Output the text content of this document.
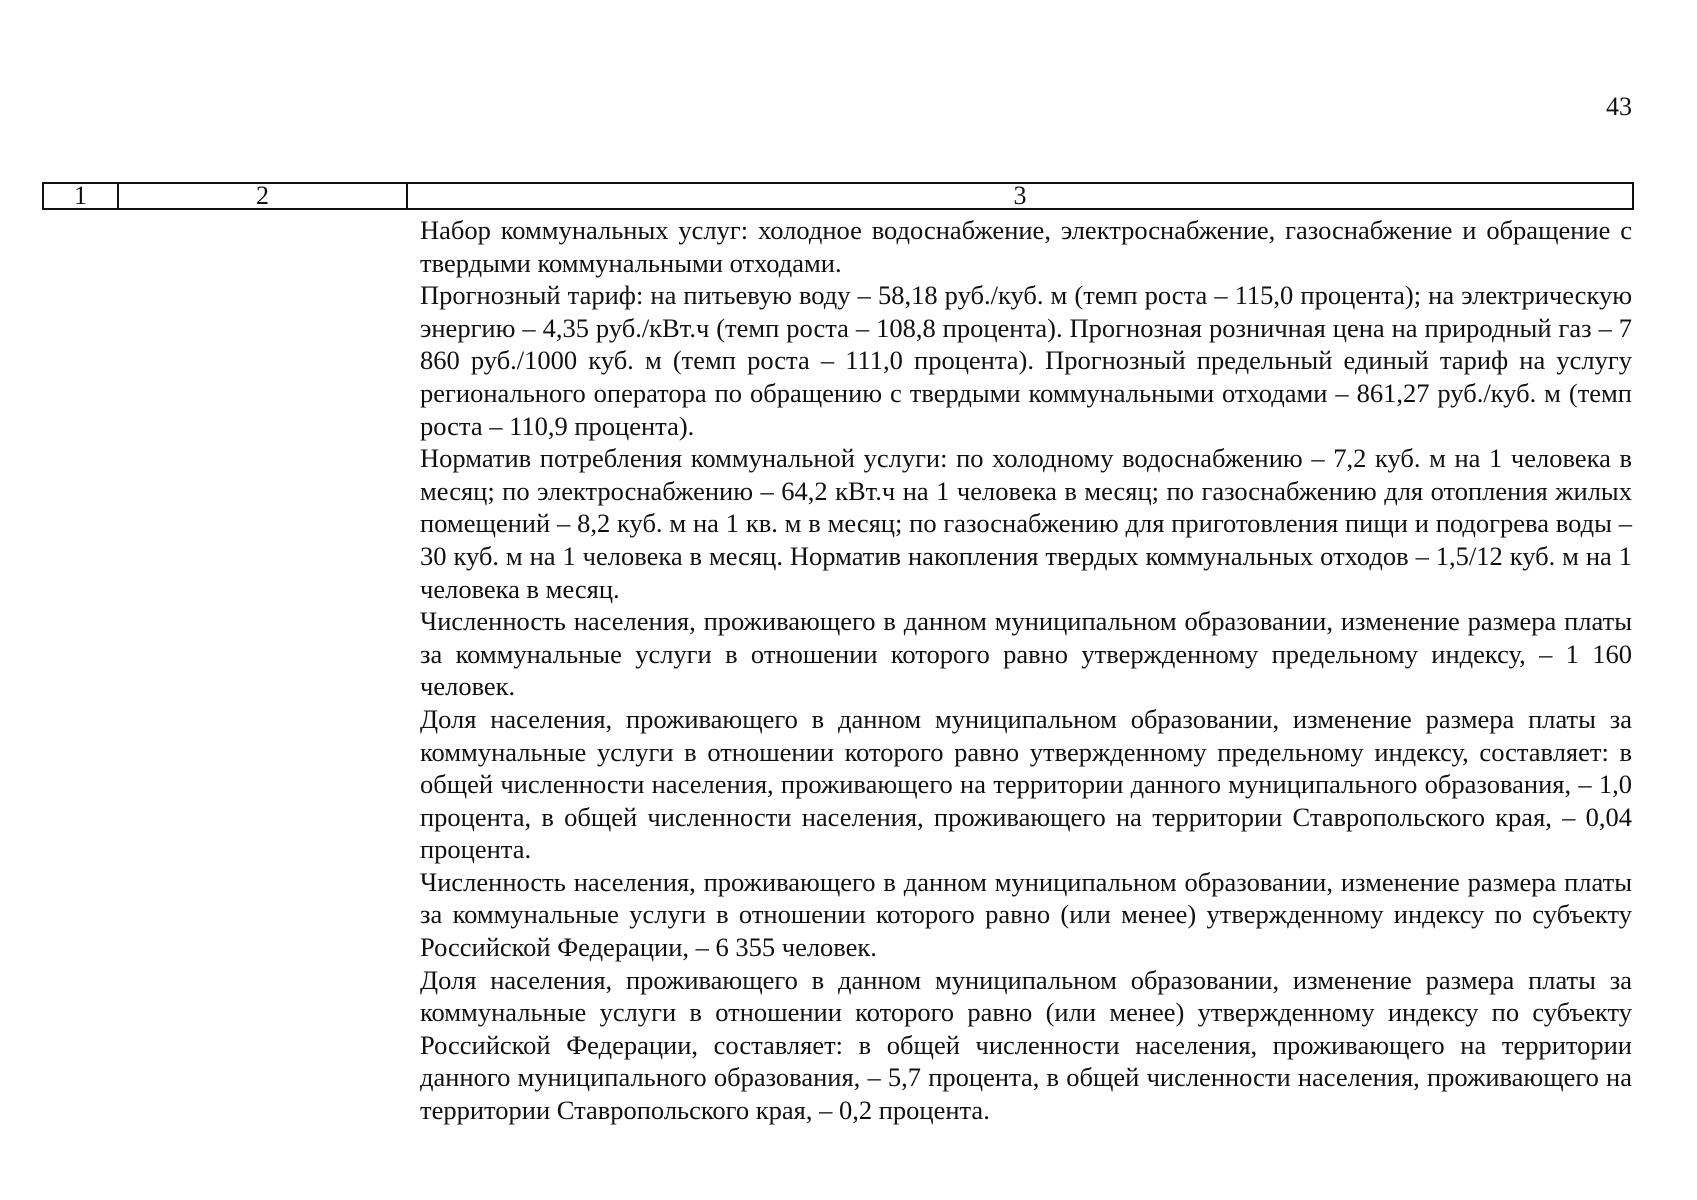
43
1	2	3

Набор коммунальных услуг: холодное водоснабжение, электроснабжение, газоснабжение и обращение с твердыми коммунальными отходами.

Прогнозный тариф: на питьевую воду – 58,18 руб./куб. м (темп роста – 115,0 процента); на электрическую энергию – 4,35 руб./кВт.ч (темп роста – 108,8 процента). Прогнозная розничная цена на природный газ – 7 860 руб./1000 куб. м (темп роста – 111,0 процента). Прогнозный предельный единый тариф на услугу регионального оператора по обращению с твердыми коммунальными отходами – 861,27 руб./куб. м (темп роста – 110,9 процента).

Норматив потребления коммунальной услуги: по холодному водоснабжению – 7,2 куб. м на 1 человека в месяц; по электроснабжению – 64,2 кВт.ч на 1 человека в месяц; по газоснабжению для отопления жилых помещений – 8,2 куб. м на 1 кв. м в месяц; по газоснабжению для приготовления пищи и подогрева воды – 30 куб. м на 1 человека в месяц. Норматив накопления твердых коммунальных отходов – 1,5/12 куб. м на 1 человека в месяц.

Численность населения, проживающего в данном муниципальном образовании, изменение размера платы за коммунальные услуги в отношении которого равно утвержденному предельному индексу, – 1 160 человек.

Доля населения, проживающего в данном муниципальном образовании, изменение размера платы за коммунальные услуги в отношении которого равно утвержденному предельному индексу, составляет: в общей численности населения, проживающего на территории данного муниципального образования, – 1,0 процента, в общей численности населения, проживающего на территории Ставропольского края, – 0,04 процента.

Численность населения, проживающего в данном муниципальном образовании, изменение размера платы за коммунальные услуги в отношении которого равно (или менее) утвержденному индексу по субъекту Российской Федерации, – 6 355 человек.

Доля населения, проживающего в данном муниципальном образовании, изменение размера платы за коммунальные услуги в отношении которого равно (или менее) утвержденному индексу по субъекту Российской Федерации, составляет: в общей численности населения, проживающего на территории данного муниципального образования, – 5,7 процента, в общей численности населения, проживающего на территории Ставропольского края, – 0,2 процента.
